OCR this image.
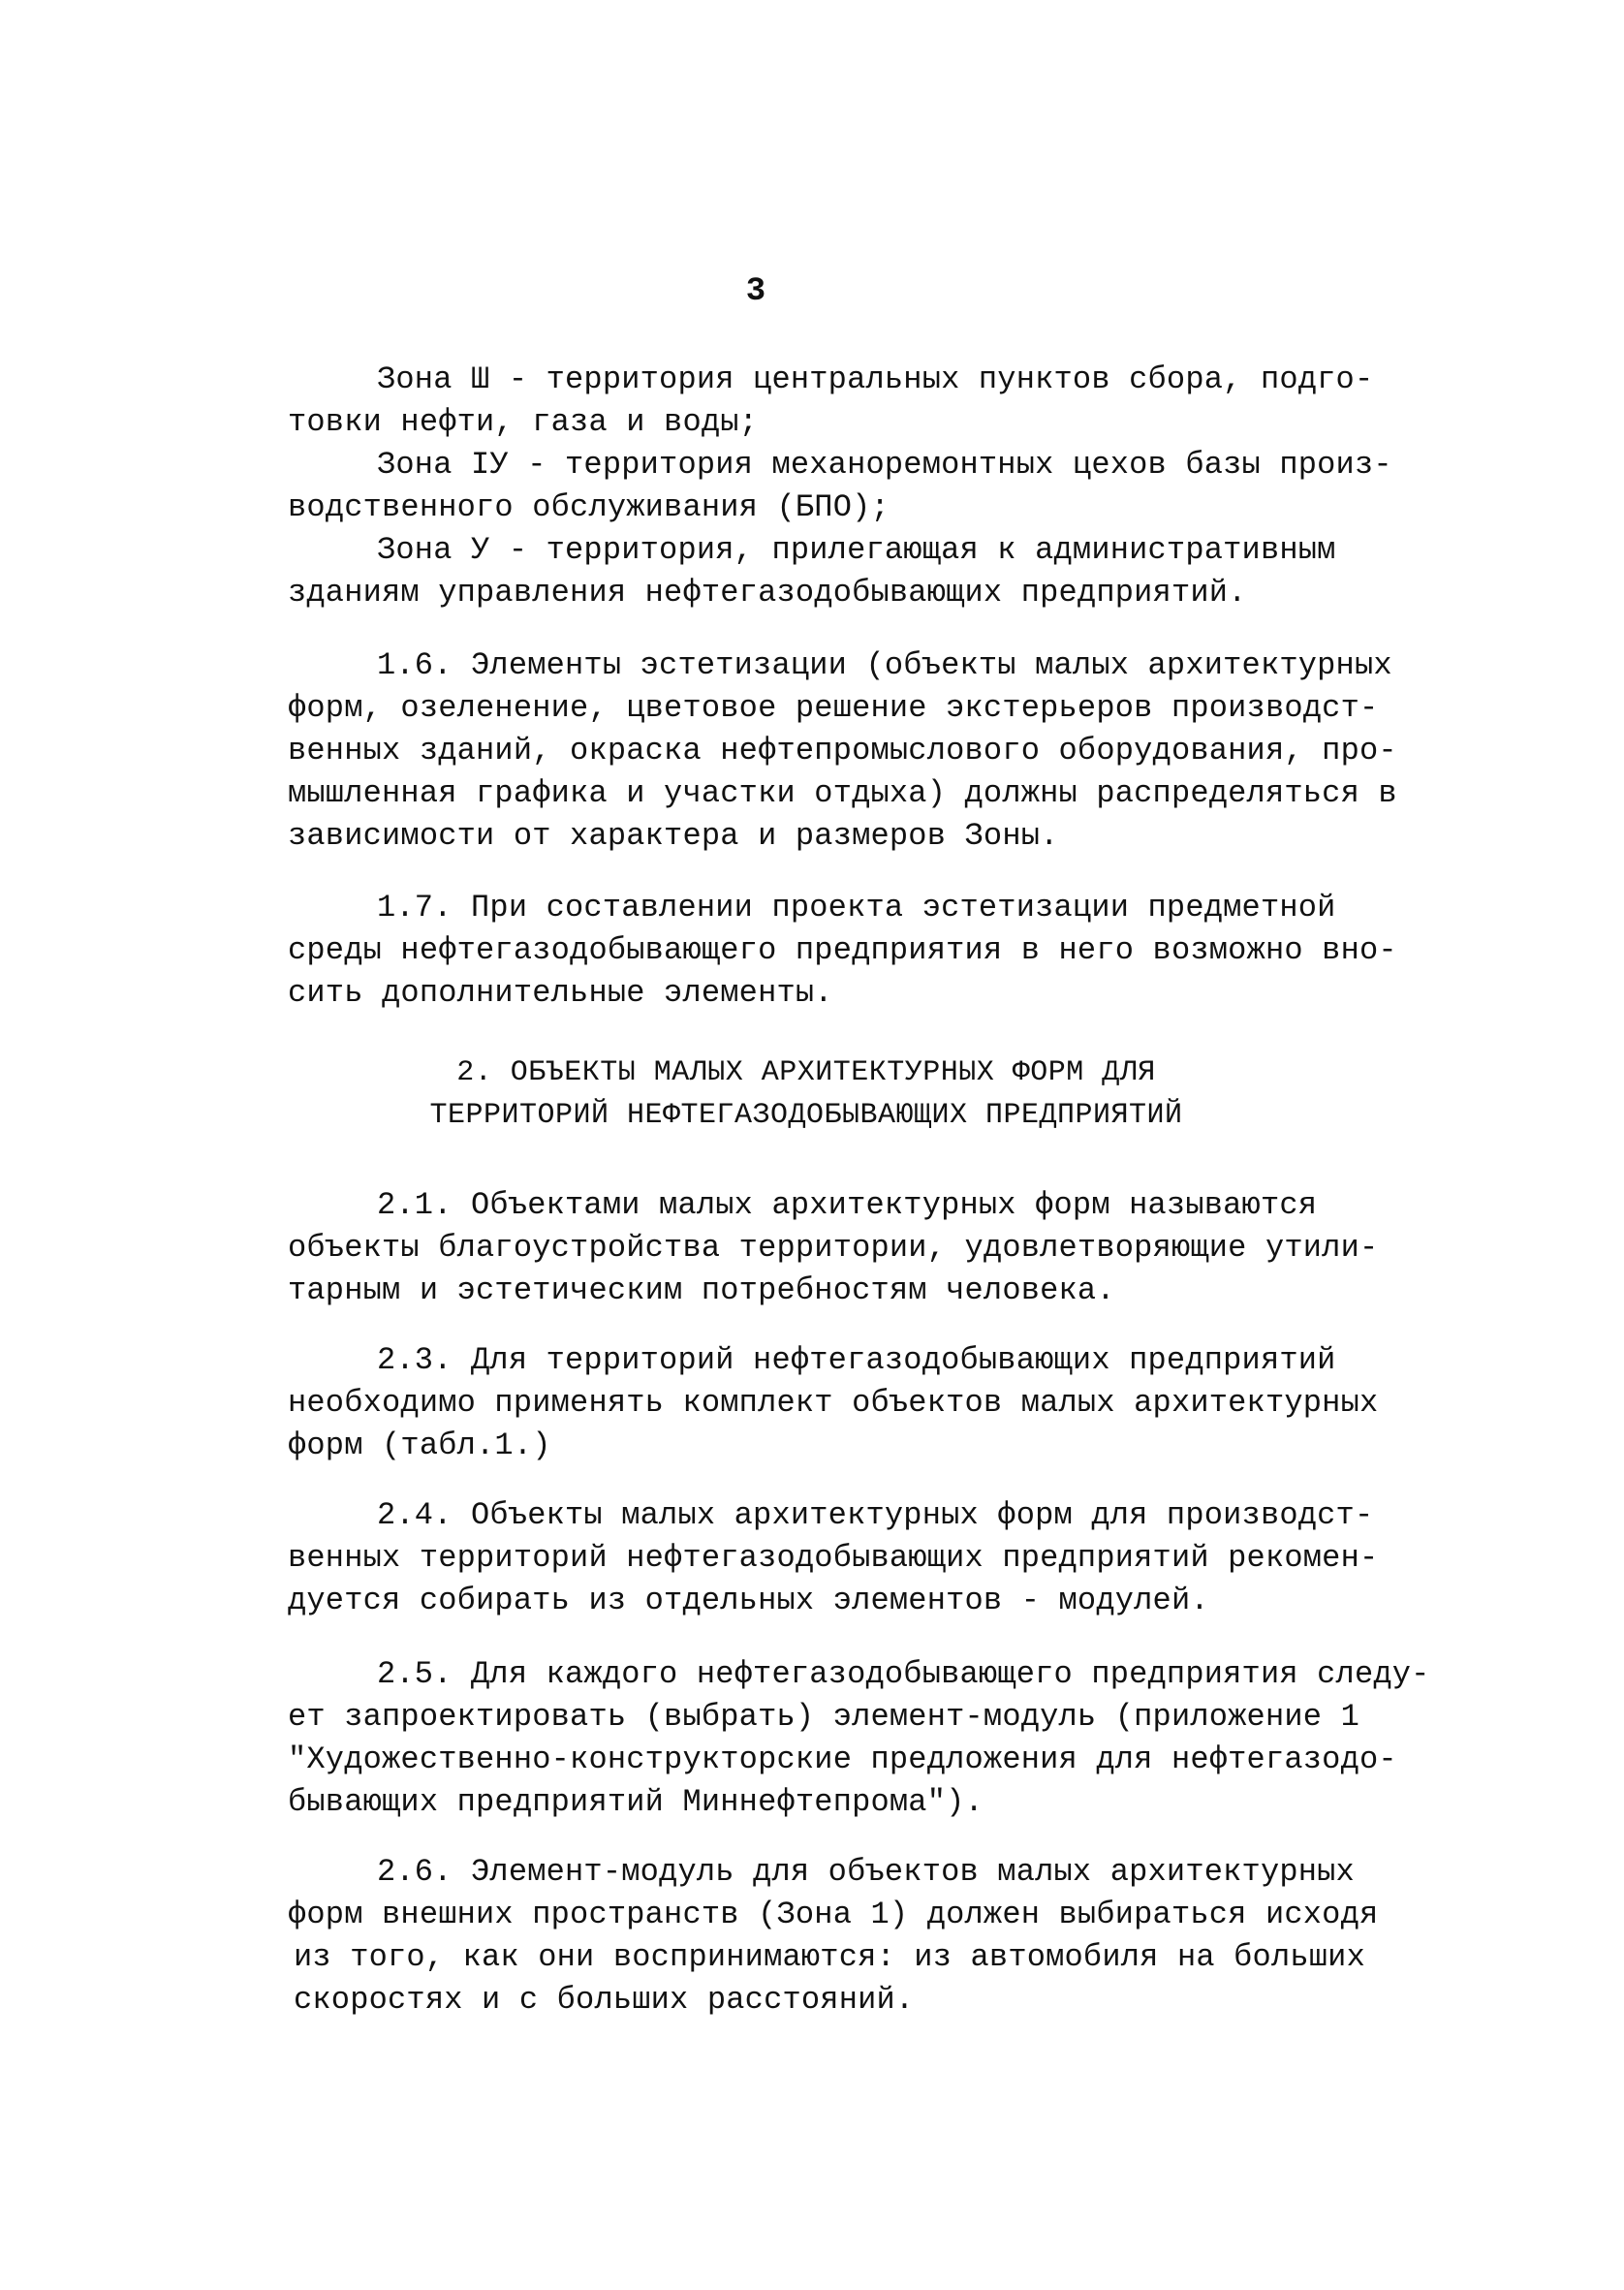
3
Зона Ш - территория центральных пунктов сбора, подго-
товки нефти, газа и воды;
Зона ІУ - территория механоремонтных цехов базы произ-
водственного обслуживания (БПО);
Зона У - территория, прилегающая к административным
зданиям управления нефтегазодобывающих предприятий.
1.6. Элементы эстетизации (объекты малых архитектурных
форм, озеленение, цветовое решение экстерьеров производст-
венных зданий, окраска нефтепромыслового оборудования, про-
мышленная графика и участки отдыха) должны распределяться в
зависимости от характера и размеров Зоны.
1.7. При составлении проекта эстетизации предметной
среды нефтегазодобывающего предприятия в него возможно вно-
сить дополнительные элементы.
2. ОБЪЕКТЫ МАЛЫХ АРХИТЕКТУРНЫХ ФОРМ ДЛЯ
ТЕРРИТОРИЙ НЕФТЕГАЗОДОБЫВАЮЩИХ ПРЕДПРИЯТИЙ
2.1. Объектами малых архитектурных форм называются
объекты благоустройства территории, удовлетворяющие утили-
тарным и эстетическим потребностям человека.
2.3. Для территорий нефтегазодобывающих предприятий
необходимо применять комплект объектов малых архитектурных
форм (табл.1.)
2.4. Объекты малых архитектурных форм для производст-
венных территорий нефтегазодобывающих предприятий рекомен-
дуется собирать из отдельных элементов - модулей.
2.5. Для каждого нефтегазодобывающего предприятия следу-
ет запроектировать (выбрать) элемент-модуль (приложение 1
"Художественно-конструкторские предложения для нефтегазодо-
бывающих предприятий Миннефтепрома").
2.6. Элемент-модуль для объектов малых архитектурных
форм внешних пространств (Зона 1) должен выбираться исходя
из того, как они воспринимаются: из автомобиля на больших
скоростях и с больших расстояний.
